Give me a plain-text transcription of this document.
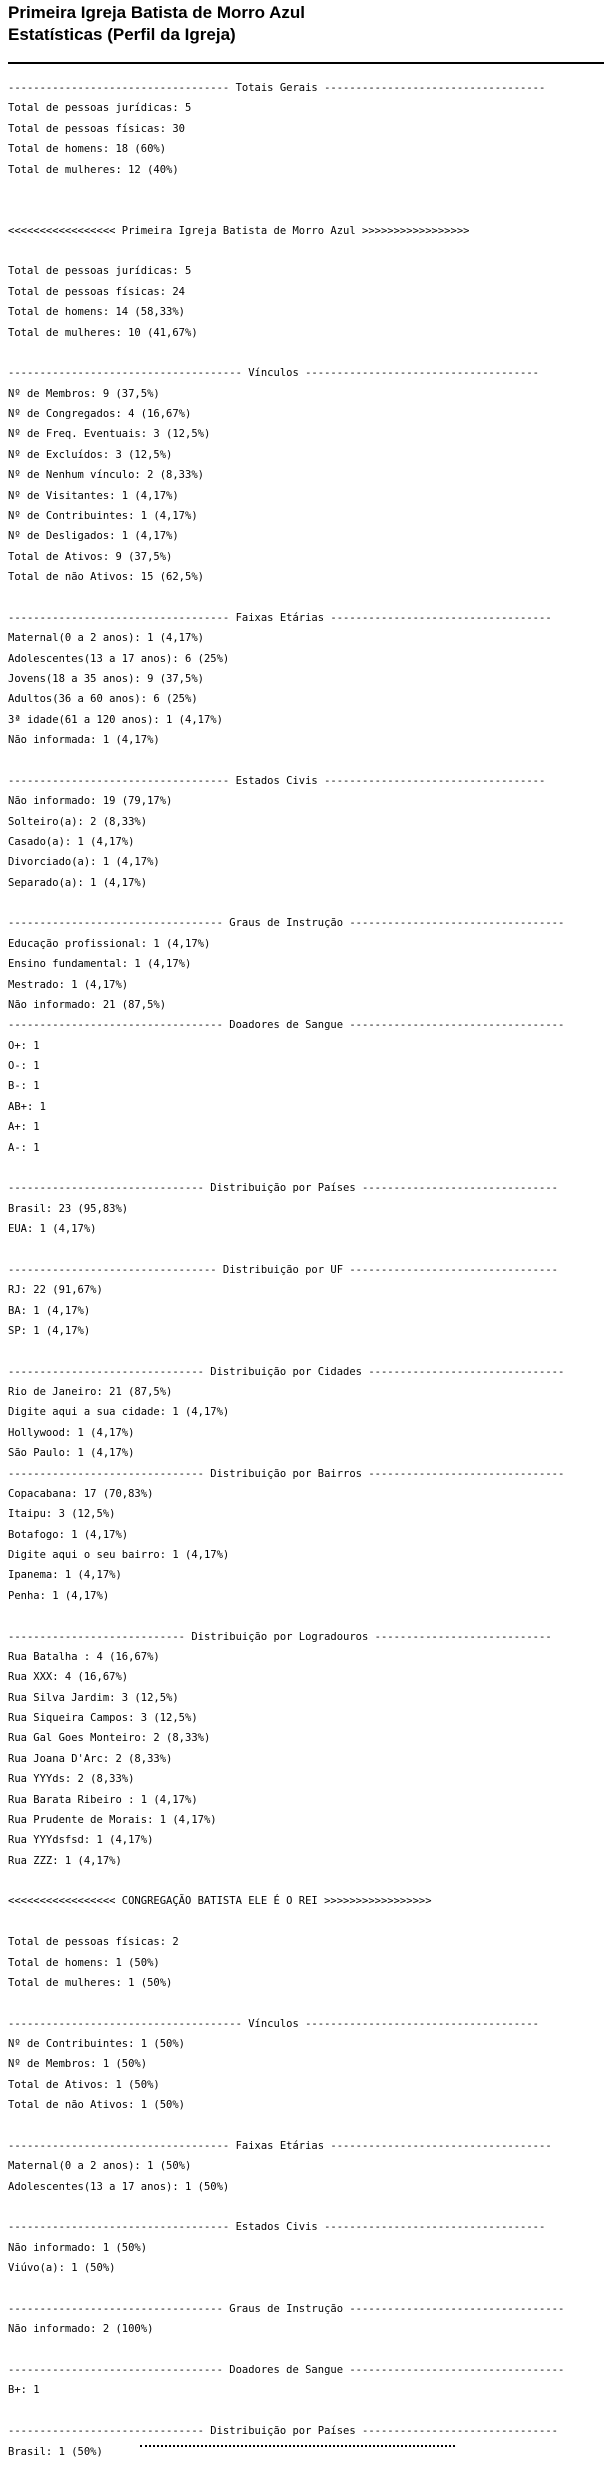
Primeira Igreja Batista de Morro Azul
Estatísticas (Perfil da Igreja)
----------------------------------- Totais Gerais -----------------------------------
Total de pessoas jurídicas: 5
Total de pessoas físicas: 30
Total de homens: 18 (60%)
Total de mulheres: 12 (40%)
<<<<<<<<<<<<<<<<< Primeira Igreja Batista de Morro Azul >>>>>>>>>>>>>>>>>
Total de pessoas jurídicas: 5
Total de pessoas físicas: 24
Total de homens: 14 (58,33%)
Total de mulheres: 10 (41,67%)
------------------------------------- Vínculos -------------------------------------
Nº de Membros: 9 (37,5%)
Nº de Congregados: 4 (16,67%)
Nº de Freq. Eventuais: 3 (12,5%)
Nº de Excluídos: 3 (12,5%)
Nº de Nenhum vínculo: 2 (8,33%)
Nº de Visitantes: 1 (4,17%)
Nº de Contribuintes: 1 (4,17%)
Nº de Desligados: 1 (4,17%)
Total de Ativos: 9 (37,5%)
Total de não Ativos: 15 (62,5%)
----------------------------------- Faixas Etárias -----------------------------------
Maternal(0 a 2 anos): 1 (4,17%)
Adolescentes(13 a 17 anos): 6 (25%)
Jovens(18 a 35 anos): 9 (37,5%)
Adultos(36 a 60 anos): 6 (25%)
3ª idade(61 a 120 anos): 1 (4,17%)
Não informada: 1 (4,17%)
----------------------------------- Estados Civis -----------------------------------
Não informado: 19 (79,17%)
Solteiro(a): 2 (8,33%)
Casado(a): 1 (4,17%)
Divorciado(a): 1 (4,17%)
Separado(a): 1 (4,17%)
---------------------------------- Graus de Instrução ----------------------------------
Educação profissional: 1 (4,17%)
Ensino fundamental: 1 (4,17%)
Mestrado: 1 (4,17%)
Não informado: 21 (87,5%)
---------------------------------- Doadores de Sangue ----------------------------------
O+: 1
O-: 1
B-: 1
AB+: 1
A+: 1
A-: 1
------------------------------- Distribuição por Países -------------------------------
Brasil: 23 (95,83%)
EUA: 1 (4,17%)
--------------------------------- Distribuição por UF ---------------------------------
RJ: 22 (91,67%)
BA: 1 (4,17%)
SP: 1 (4,17%)
------------------------------- Distribuição por Cidades -------------------------------
Rio de Janeiro: 21 (87,5%)
Digite aqui a sua cidade: 1 (4,17%)
Hollywood: 1 (4,17%)
São Paulo: 1 (4,17%)
------------------------------- Distribuição por Bairros -------------------------------
Copacabana: 17 (70,83%)
Itaipu: 3 (12,5%)
Botafogo: 1 (4,17%)
Digite aqui o seu bairro: 1 (4,17%)
Ipanema: 1 (4,17%)
Penha: 1 (4,17%)
---------------------------- Distribuição por Logradouros ----------------------------
Rua Batalha : 4 (16,67%)
Rua XXX: 4 (16,67%)
Rua Silva Jardim: 3 (12,5%)
Rua Siqueira Campos: 3 (12,5%)
Rua Gal Goes Monteiro: 2 (8,33%)
Rua Joana D'Arc: 2 (8,33%)
Rua YYYds: 2 (8,33%)
Rua Barata Ribeiro : 1 (4,17%)
Rua Prudente de Morais: 1 (4,17%)
Rua YYYdsfsd: 1 (4,17%)
Rua ZZZ: 1 (4,17%)
<<<<<<<<<<<<<<<<< CONGREGAÇÃO BATISTA ELE É O REI >>>>>>>>>>>>>>>>>
Total de pessoas físicas: 2
Total de homens: 1 (50%)
Total de mulheres: 1 (50%)
------------------------------------- Vínculos -------------------------------------
Nº de Contribuintes: 1 (50%)
Nº de Membros: 1 (50%)
Total de Ativos: 1 (50%)
Total de não Ativos: 1 (50%)
----------------------------------- Faixas Etárias -----------------------------------
Maternal(0 a 2 anos): 1 (50%)
Adolescentes(13 a 17 anos): 1 (50%)
----------------------------------- Estados Civis -----------------------------------
Não informado: 1 (50%)
Viúvo(a): 1 (50%)
---------------------------------- Graus de Instrução ----------------------------------
Não informado: 2 (100%)
---------------------------------- Doadores de Sangue ----------------------------------
B+: 1
------------------------------- Distribuição por Países -------------------------------
Brasil: 1 (50%)
